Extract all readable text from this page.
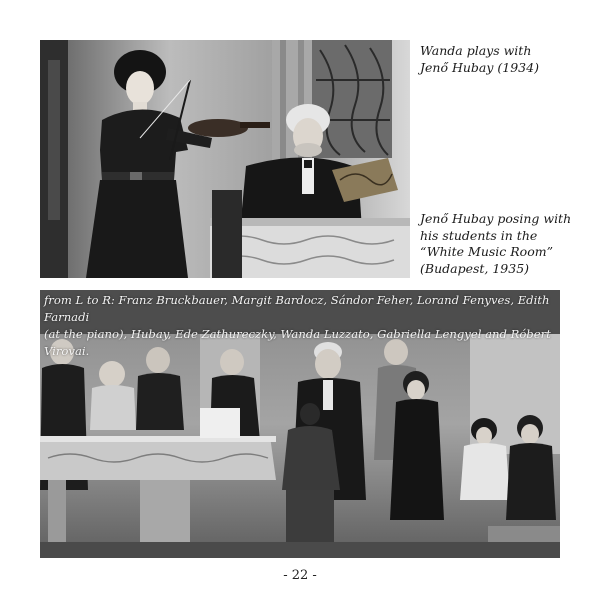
Wanda plays with
Jenő Hubay (1934)

Jenő Hubay posing with
his students in the
“White Music Room”
(Budapest, 1935)

from L to R: Franz Bruckbauer, Margit Bardocz, Sándor Feher, Lorand Fenyves, Edith Farnadi
(at the piano), Hubay, Ede Zathureczky, Wanda Luzzato, Gabriella Lengyel and Róbert Virovai.

- 22 -
